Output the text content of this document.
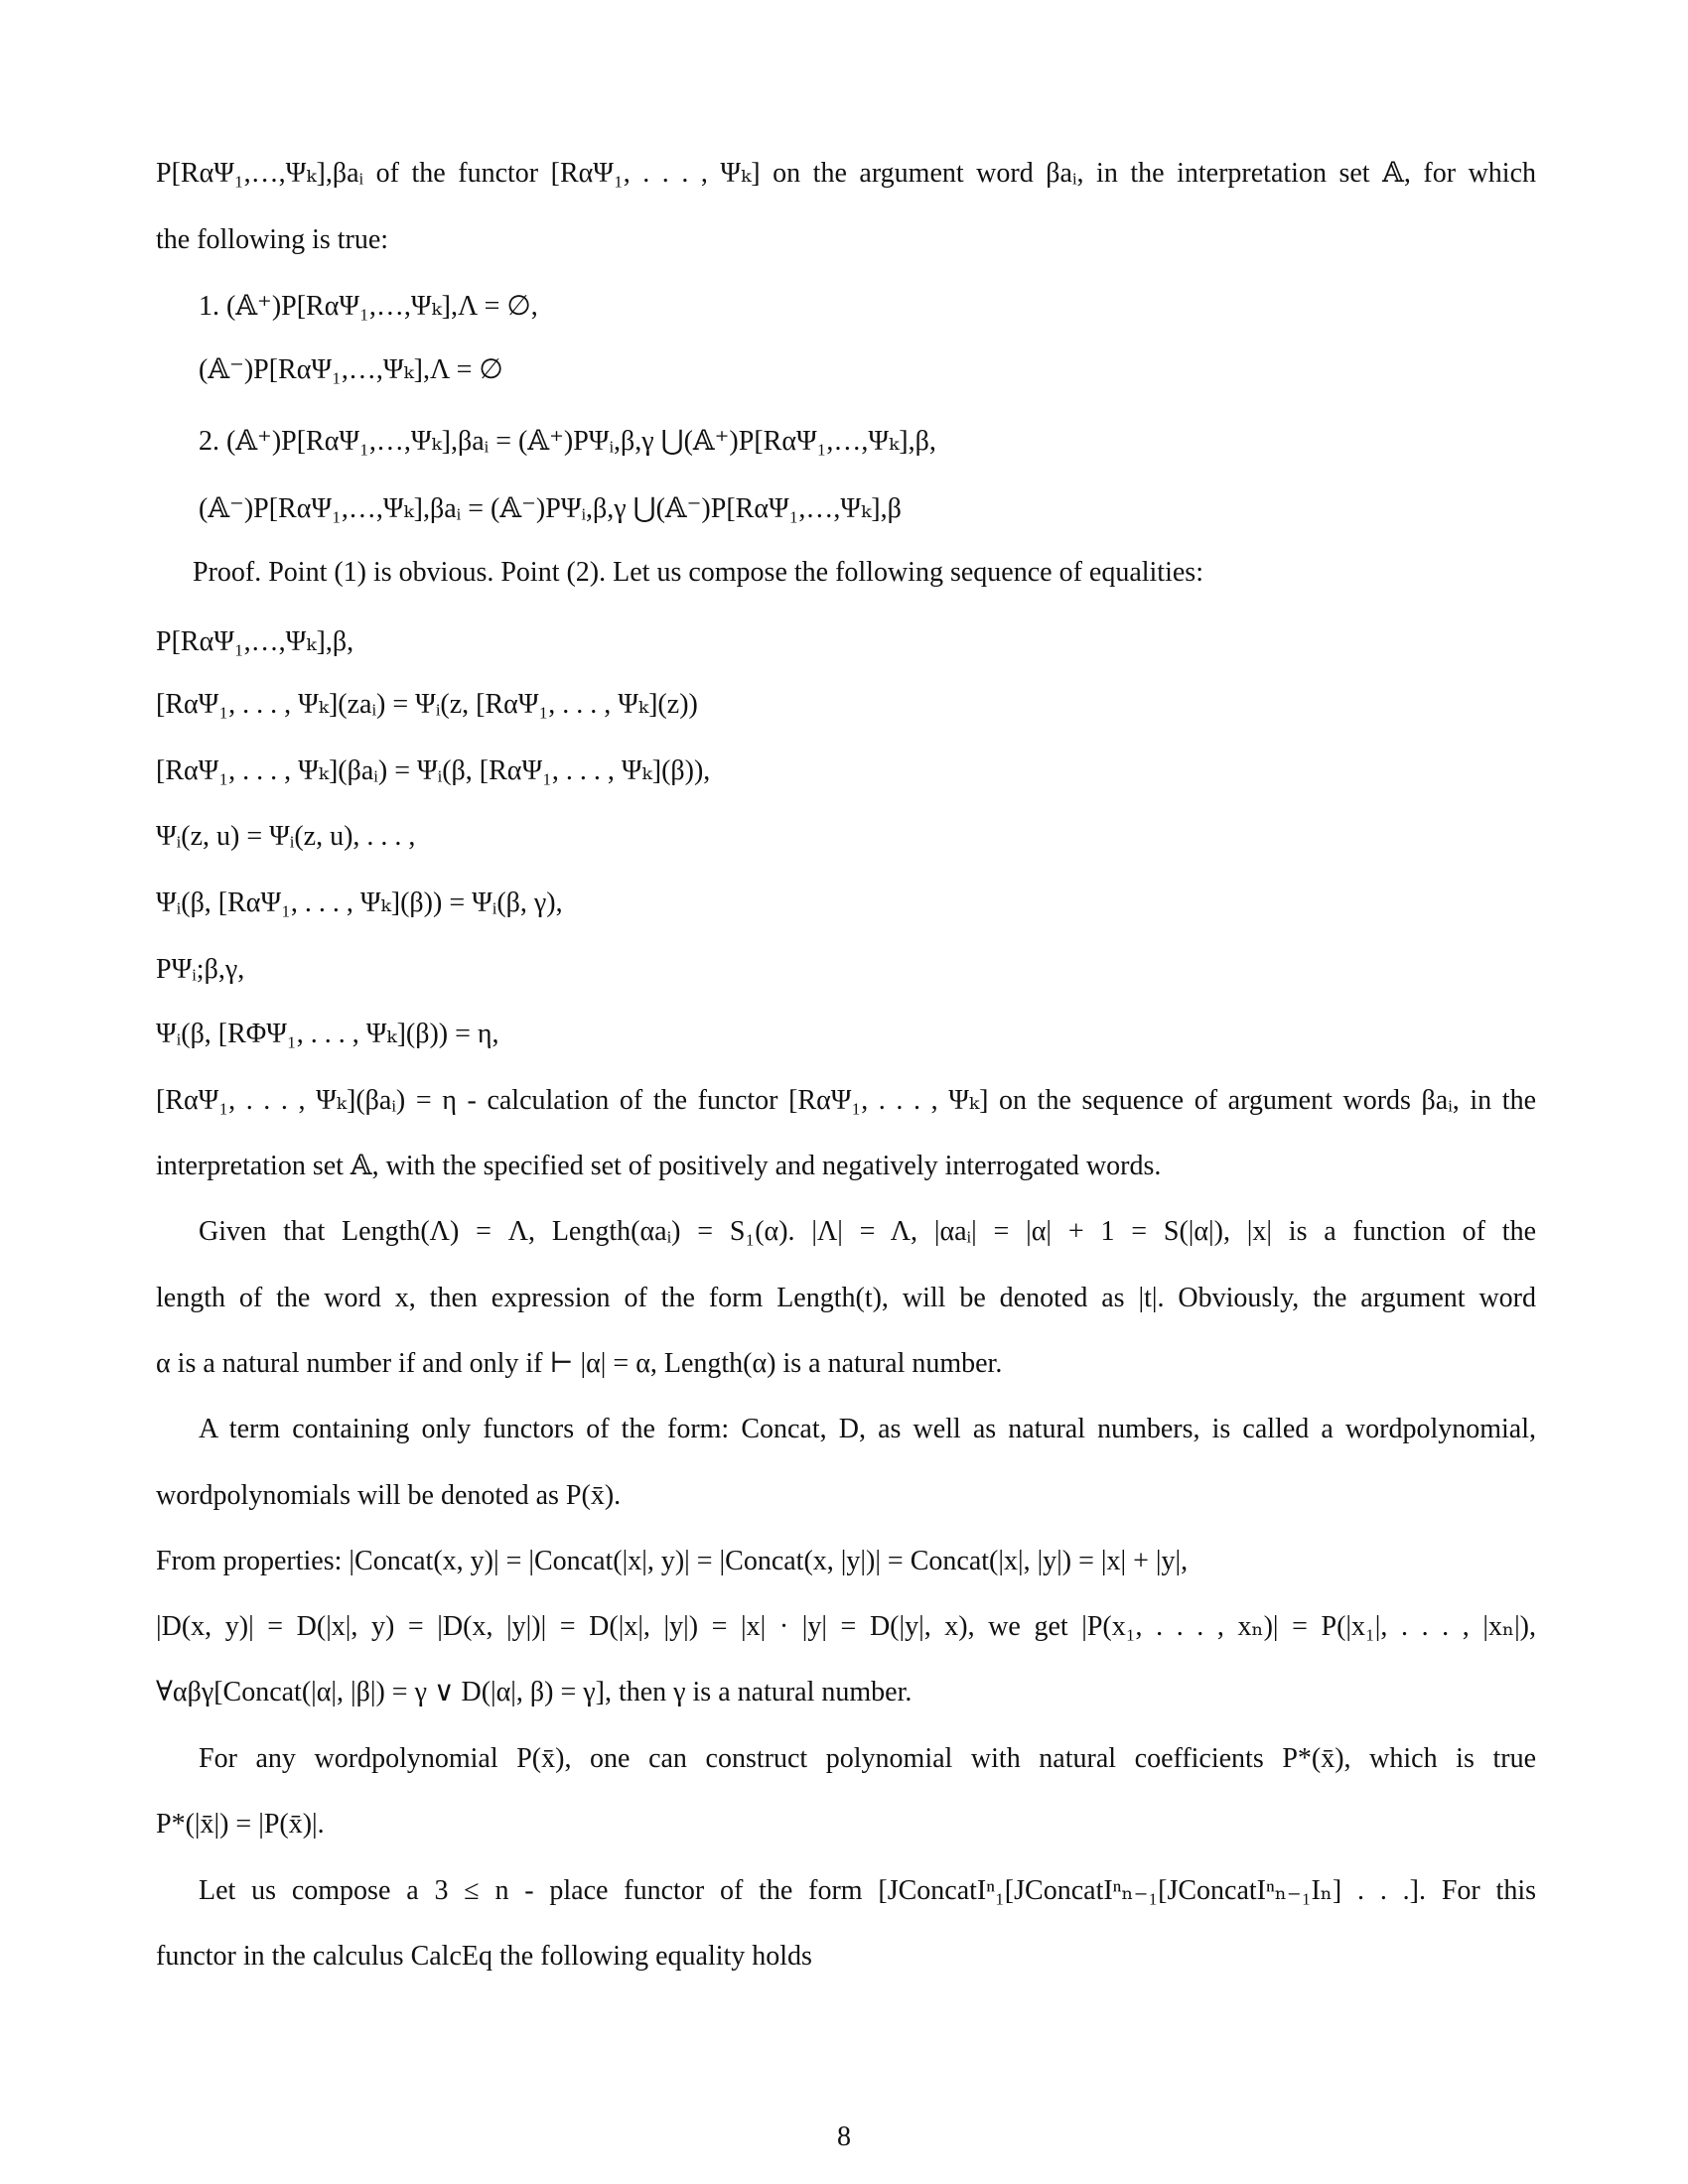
P[RαΨ₁,…,Ψₖ],βaᵢ of the functor [RαΨ₁, . . . , Ψₖ] on the argument word βaᵢ, in the interpretation set 𝔸, for which
the following is true:
1. (𝔸⁺)P[RαΨ₁,…,Ψₖ],Λ = ∅,
(𝔸⁻)P[RαΨ₁,…,Ψₖ],Λ = ∅
2. (𝔸⁺)P[RαΨ₁,…,Ψₖ],βaᵢ = (𝔸⁺)PΨᵢ,β,γ ⋃(𝔸⁺)P[RαΨ₁,…,Ψₖ],β,
(𝔸⁻)P[RαΨ₁,…,Ψₖ],βaᵢ = (𝔸⁻)PΨᵢ,β,γ ⋃(𝔸⁻)P[RαΨ₁,…,Ψₖ],β
Proof. Point (1) is obvious. Point (2). Let us compose the following sequence of equalities:
P[RαΨ₁,…,Ψₖ],β,
[RαΨ₁, . . . , Ψₖ](zaᵢ) = Ψᵢ(z, [RαΨ₁, . . . , Ψₖ](z))
[RαΨ₁, . . . , Ψₖ](βaᵢ) = Ψᵢ(β, [RαΨ₁, . . . , Ψₖ](β)),
Ψᵢ(z, u) = Ψᵢ(z, u), . . . ,
Ψᵢ(β, [RαΨ₁, . . . , Ψₖ](β)) = Ψᵢ(β, γ),
PΨᵢ;β,γ,
Ψᵢ(β, [RΦΨ₁, . . . , Ψₖ](β)) = η,
[RαΨ₁, . . . , Ψₖ](βaᵢ) = η - calculation of the functor [RαΨ₁, . . . , Ψₖ] on the sequence of argument words βaᵢ, in the
interpretation set 𝔸, with the specified set of positively and negatively interrogated words.
Given that Length(Λ) = Λ, Length(αaᵢ) = S₁(α). |Λ| = Λ, |αaᵢ| = |α| + 1 = S(|α|), |x| is a function of the
length of the word x, then expression of the form Length(t), will be denoted as |t|. Obviously, the argument word
α is a natural number if and only if ⊢ |α| = α, Length(α) is a natural number.
A term containing only functors of the form: Concat, D, as well as natural numbers, is called a wordpolynomial,
wordpolynomials will be denoted as P(x̄).
From properties: |Concat(x, y)| = |Concat(|x|, y)| = |Concat(x, |y|)| = Concat(|x|, |y|) = |x| + |y|,
|D(x, y)| = D(|x|, y) = |D(x, |y|)| = D(|x|, |y|) = |x| · |y| = D(|y|, x), we get |P(x₁, . . . , xₙ)| = P(|x₁|, . . . , |xₙ|),
∀αβγ[Concat(|α|, |β|) = γ ∨ D(|α|, β) = γ], then γ is a natural number.
For any wordpolynomial P(x̄), one can construct polynomial with natural coefficients P*(x̄), which is true
P*(|x̄|) = |P(x̄)|.
Let us compose a 3 ≤ n - place functor of the form [JConcatIⁿ₁[JConcatIⁿₙ₋₁[JConcatIⁿₙ₋₁Iₙ] . . .]. For this
functor in the calculus CalcEq the following equality holds
8
